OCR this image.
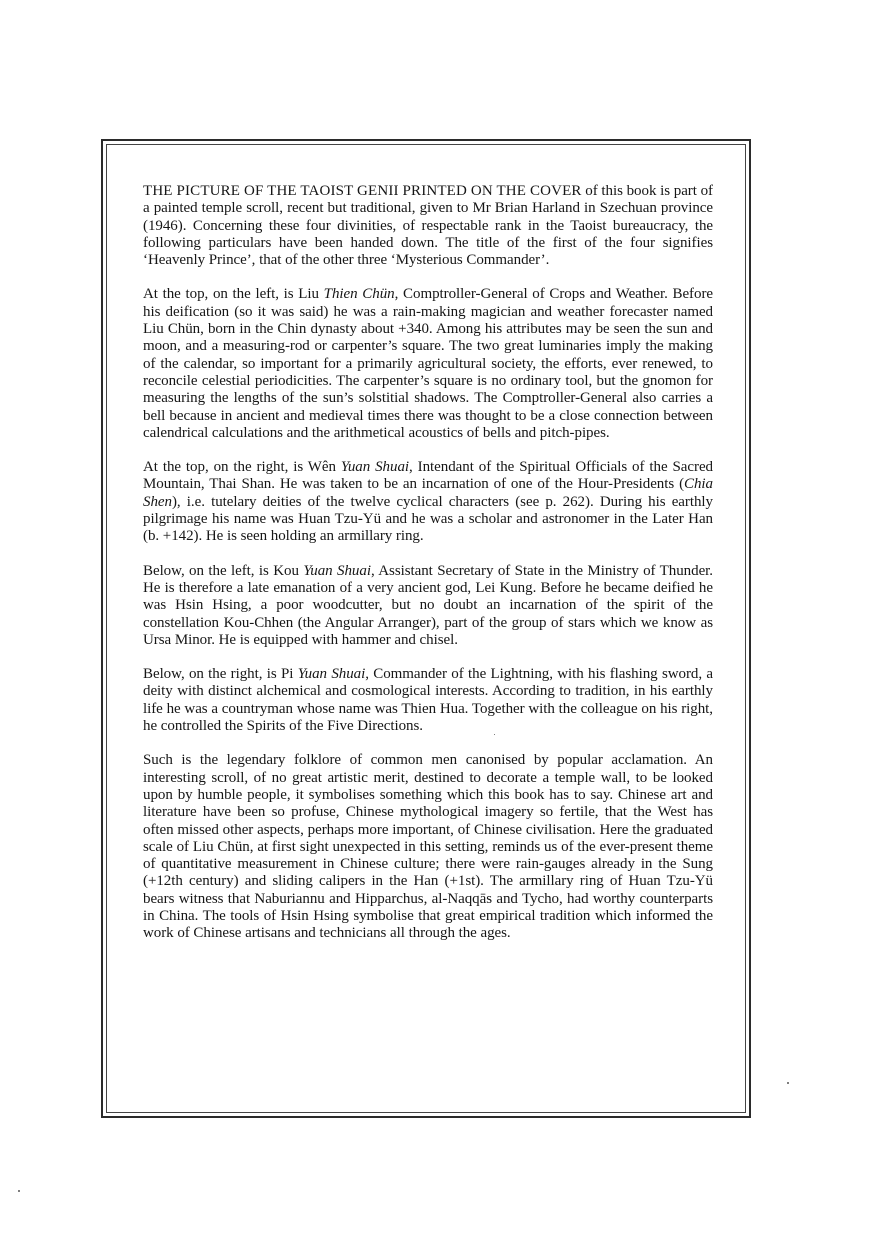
THE PICTURE OF THE TAOIST GENII PRINTED ON THE COVER of this book is part of a painted temple scroll, recent but traditional, given to Mr Brian Harland in Szechuan province (1946). Concerning these four divinities, of respectable rank in the Taoist bureaucracy, the following particulars have been handed down. The title of the first of the four signifies ‘Heavenly Prince’, that of the other three ‘Mysterious Commander’.

At the top, on the left, is Liu Thien Chün, Comptroller-General of Crops and Weather. Before his deification (so it was said) he was a rain-making magician and weather forecaster named Liu Chün, born in the Chin dynasty about +340. Among his attributes may be seen the sun and moon, and a measuring-rod or carpenter’s square. The two great luminaries imply the making of the calendar, so important for a primarily agricultural society, the efforts, ever renewed, to reconcile celestial periodicities. The carpenter’s square is no ordinary tool, but the gnomon for measuring the lengths of the sun’s solstitial shadows. The Comptroller-General also carries a bell because in ancient and medieval times there was thought to be a close connection between calendrical calculations and the arithmetical acoustics of bells and pitch-pipes.

At the top, on the right, is Wên Yuan Shuai, Intendant of the Spiritual Officials of the Sacred Mountain, Thai Shan. He was taken to be an incarnation of one of the Hour-Presidents (Chia Shen), i.e. tutelary deities of the twelve cyclical characters (see p. 262). During his earthly pilgrimage his name was Huan Tzu-Yü and he was a scholar and astronomer in the Later Han (b. +142). He is seen holding an armillary ring.

Below, on the left, is Kou Yuan Shuai, Assistant Secretary of State in the Ministry of Thunder. He is therefore a late emanation of a very ancient god, Lei Kung. Before he became deified he was Hsin Hsing, a poor woodcutter, but no doubt an incarnation of the spirit of the constellation Kou-Chhen (the Angular Arranger), part of the group of stars which we know as Ursa Minor. He is equipped with hammer and chisel.

Below, on the right, is Pi Yuan Shuai, Commander of the Lightning, with his flashing sword, a deity with distinct alchemical and cosmological interests. According to tradition, in his earthly life he was a countryman whose name was Thien Hua. Together with the colleague on his right, he controlled the Spirits of the Five Directions.

Such is the legendary folklore of common men canonised by popular acclamation. An interesting scroll, of no great artistic merit, destined to decorate a temple wall, to be looked upon by humble people, it symbolises something which this book has to say. Chinese art and literature have been so profuse, Chinese mythological imagery so fertile, that the West has often missed other aspects, perhaps more important, of Chinese civilisation. Here the graduated scale of Liu Chün, at first sight unexpected in this setting, reminds us of the ever-present theme of quantitative measurement in Chinese culture; there were rain-gauges already in the Sung (+12th century) and sliding calipers in the Han (+1st). The armillary ring of Huan Tzu-Yü bears witness that Naburiannu and Hipparchus, al-Naqqās and Tycho, had worthy counterparts in China. The tools of Hsin Hsing symbolise that great empirical tradition which informed the work of Chinese artisans and technicians all through the ages.
